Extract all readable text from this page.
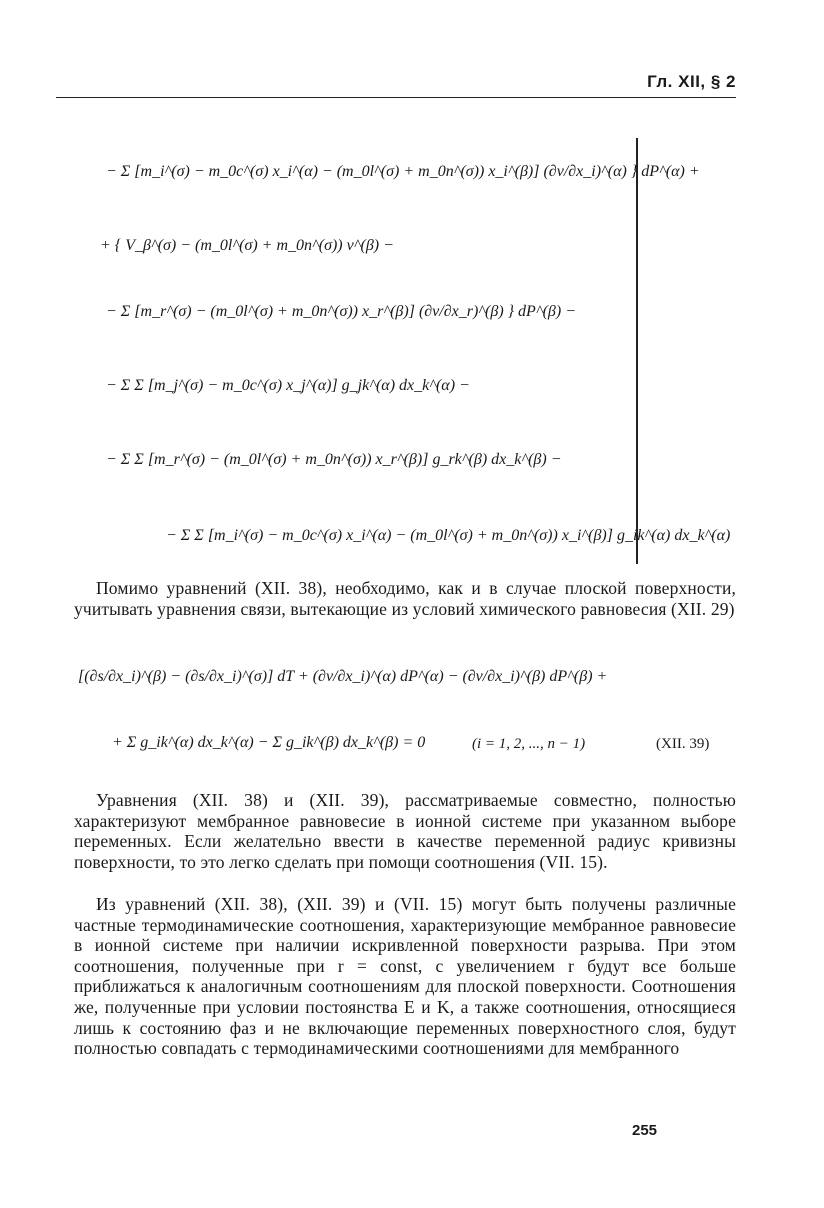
Гл. XII, § 2
− Σ [m_i^(σ) − m_0c^(σ) x_i^(α) − (m_0l^(σ) + m_0n^(σ)) x_i^(β)] (∂v/∂x_i)^(α) } dP^(α) +
+ { V_β^(σ) − (m_0l^(σ) + m_0n^(σ)) v^(β) −
− Σ [m_r^(σ) − (m_0l^(σ) + m_0n^(σ)) x_r^(β)] (∂v/∂x_r)^(β) } dP^(β) −
− Σ Σ [m_j^(σ) − m_0c^(σ) x_j^(α)] g_jk^(α) dx_k^(α) −
− Σ Σ [m_r^(σ) − (m_0l^(σ) + m_0n^(σ)) x_r^(β)] g_rk^(β) dx_k^(β) −
− Σ Σ [m_i^(σ) − m_0c^(σ) x_i^(α) − (m_0l^(σ) + m_0n^(σ)) x_i^(β)] g_ik^(α) dx_k^(α)
Помимо уравнений (XII. 38), необходимо, как и в случае плоской поверхности, учитывать уравнения связи, вытекающие из условий химического равновесия (XII. 29)
[(∂s/∂x_i)^(β) − (∂s/∂x_i)^(σ)] dT + (∂v/∂x_i)^(α) dP^(α) − (∂v/∂x_i)^(β) dP^(β) +
+ Σ g_ik^(α) dx_k^(α) − Σ g_ik^(β) dx_k^(β) = 0	(i = 1, 2, ..., n − 1)	(XII. 39)
Уравнения (XII. 38) и (XII. 39), рассматриваемые совместно, полностью характеризуют мембранное равновесие в ионной системе при указанном выборе переменных. Если желательно ввести в качестве переменной радиус кривизны поверхности, то это легко сделать при помощи соотношения (VII. 15).
Из уравнений (XII. 38), (XII. 39) и (VII. 15) могут быть получены различные частные термодинамические соотношения, характеризующие мембранное равновесие в ионной системе при наличии искривленной поверхности разрыва. При этом соотношения, полученные при r = const, с увеличением r будут все больше приближаться к аналогичным соотношениям для плоской поверхности. Соотношения же, полученные при условии постоянства E и K, а также соотношения, относящиеся лишь к состоянию фаз и не включающие переменных поверхностного слоя, будут полностью совпадать с термодинамическими соотношениями для мембранного
255
